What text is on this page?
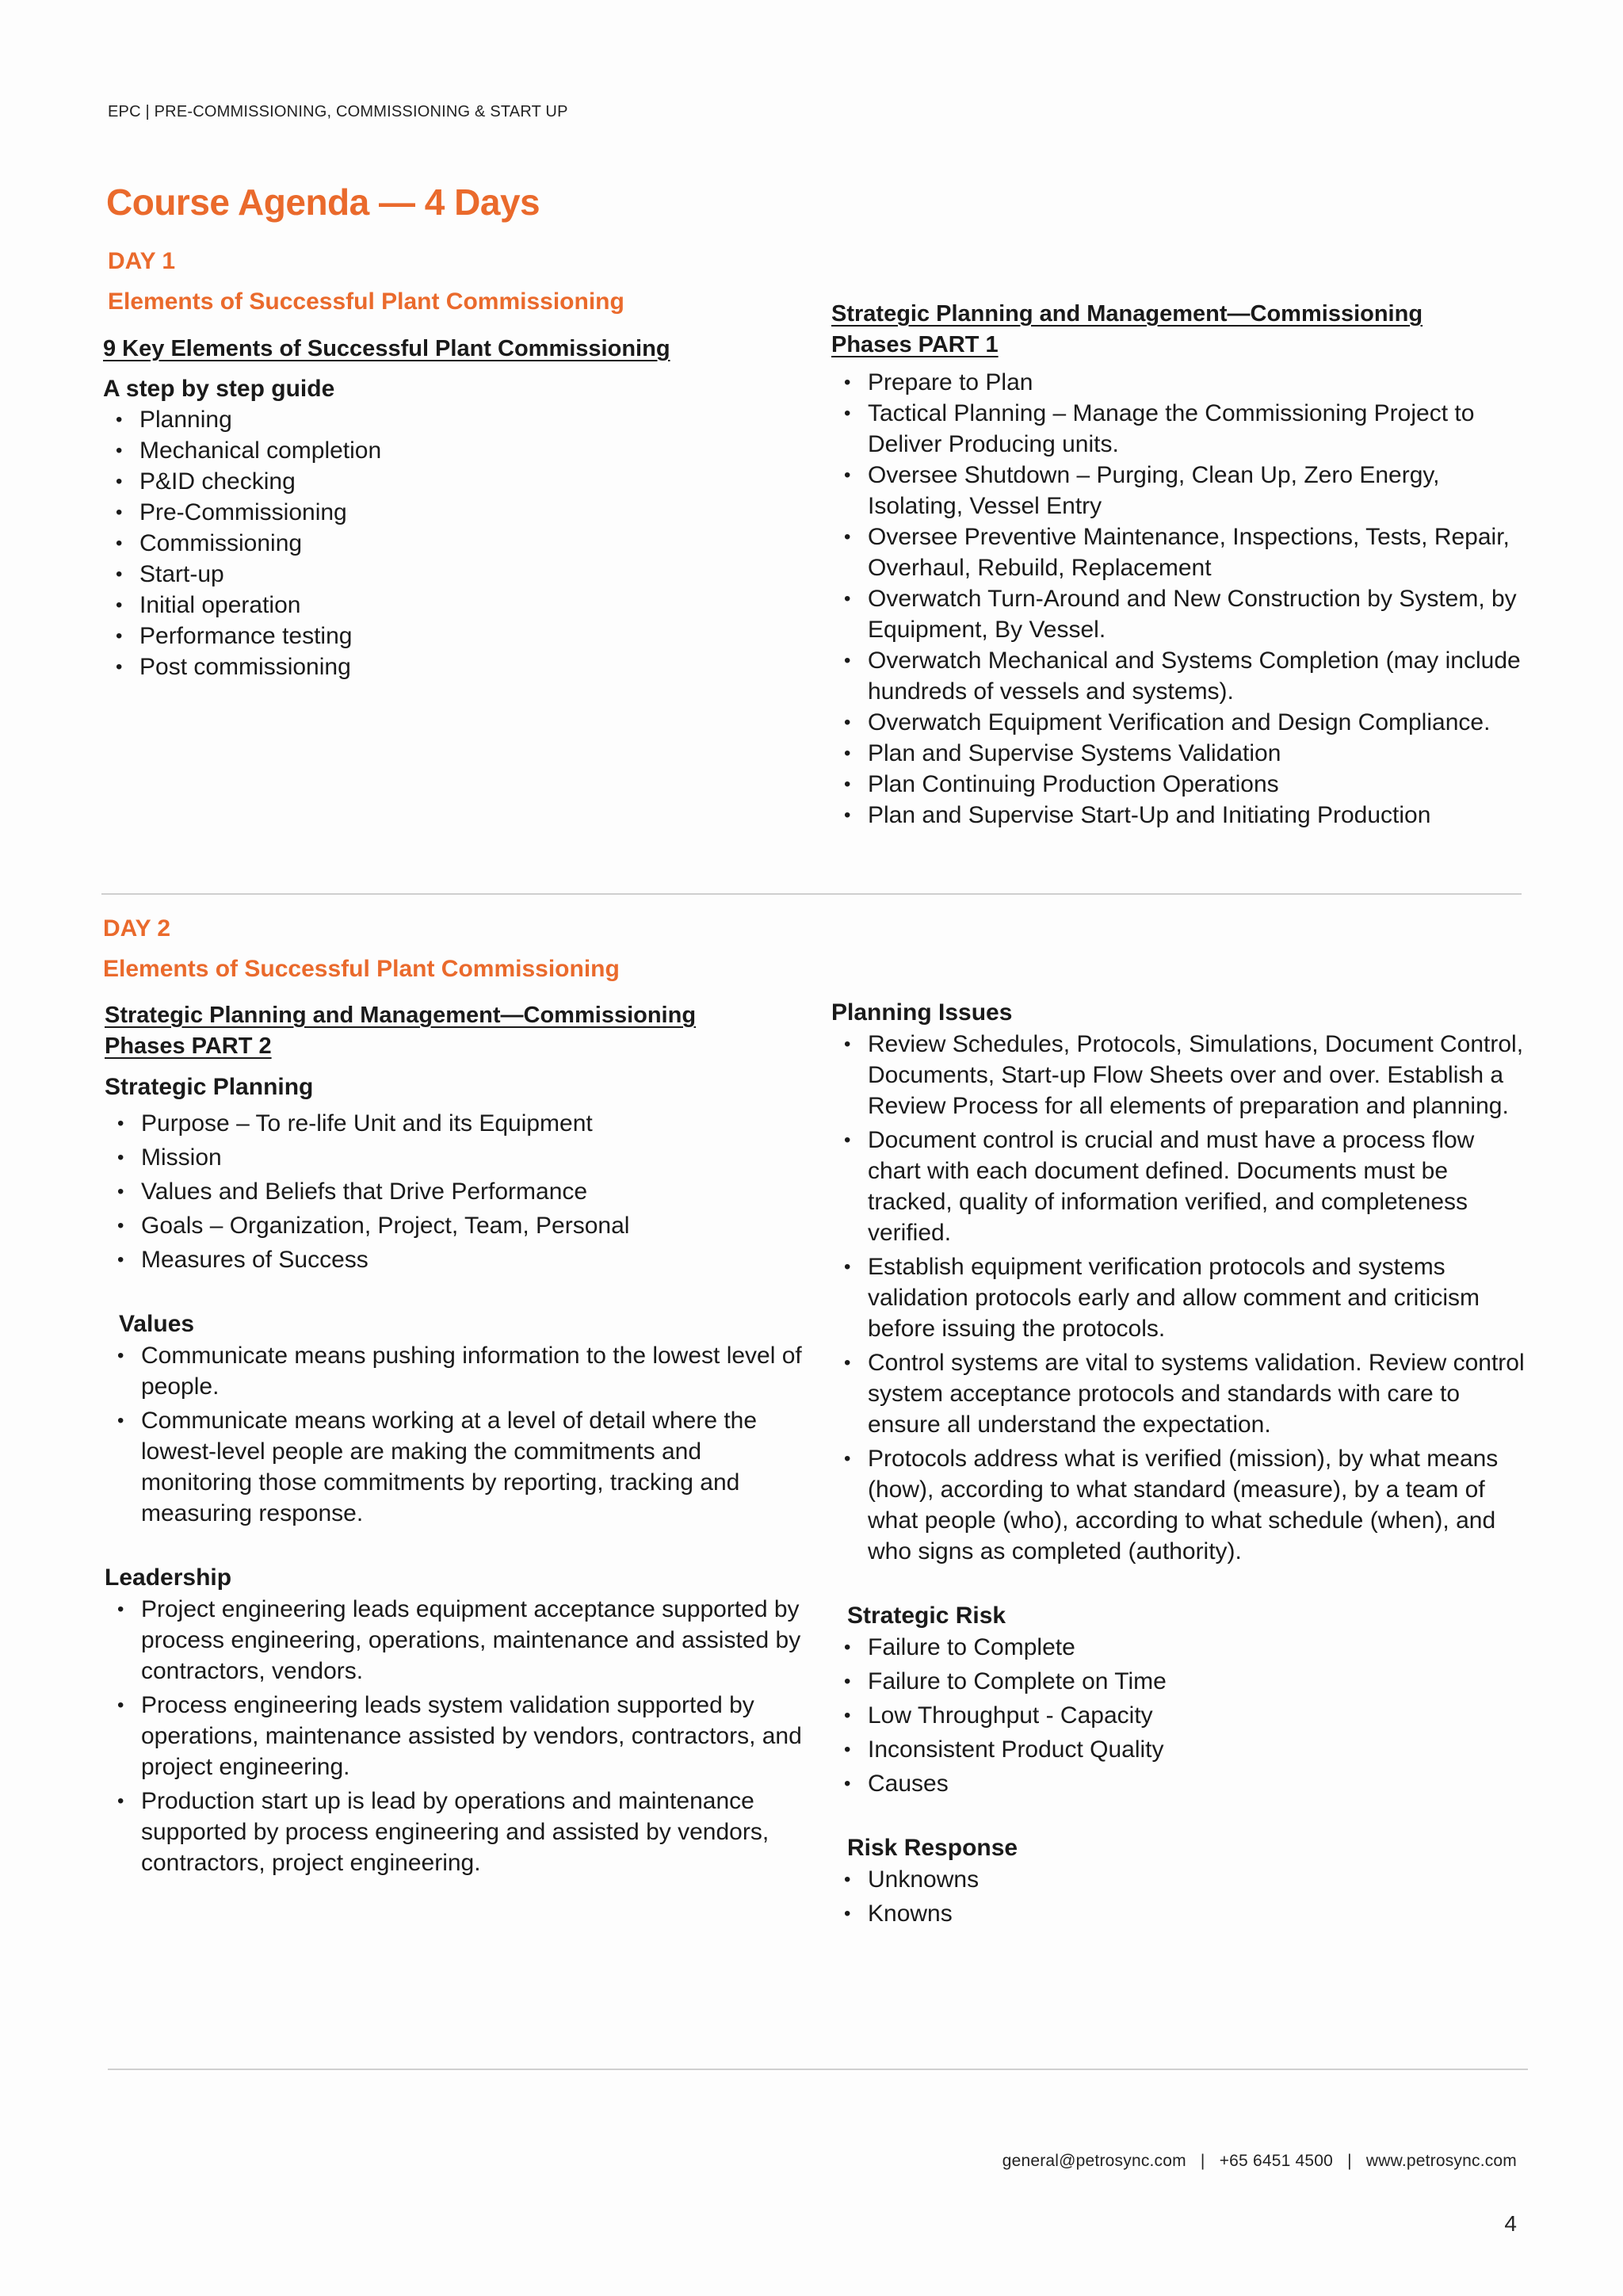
EPC | PRE-COMMISSIONING, COMMISSIONING & START UP
Course Agenda — 4 Days
DAY 1
Elements of Successful Plant Commissioning
9 Key Elements of Successful Plant Commissioning
A step by step guide
• Planning
• Mechanical completion
• P&ID checking
• Pre-Commissioning
• Commissioning
• Start-up
• Initial operation
• Performance testing
• Post commissioning
Strategic Planning and Management—Commissioning
Phases PART 1
• Prepare to Plan
• Tactical Planning – Manage the Commissioning Project to Deliver Producing units.
• Oversee Shutdown – Purging, Clean Up, Zero Energy, Isolating, Vessel Entry
• Oversee Preventive Maintenance, Inspections, Tests, Repair, Overhaul, Rebuild, Replacement
• Overwatch Turn-Around and New Construction by System, by Equipment, By Vessel.
• Overwatch Mechanical and Systems Completion (may include hundreds of vessels and systems).
• Overwatch Equipment Verification and Design Compliance.
• Plan and Supervise Systems Validation
• Plan Continuing Production Operations
• Plan and Supervise Start-Up and Initiating Production
DAY 2
Elements of Successful Plant Commissioning
Strategic Planning and Management—Commissioning
Phases PART 2
Strategic Planning
• Purpose – To re-life Unit and its Equipment
• Mission
• Values and Beliefs that Drive Performance
• Goals – Organization, Project, Team, Personal
• Measures of Success
Values
• Communicate means pushing information to the lowest level of people.
• Communicate means working at a level of detail where the lowest-level people are making the commitments and monitoring those commitments by reporting, tracking and measuring response.
Leadership
• Project engineering leads equipment acceptance supported by process engineering, operations, maintenance and assisted by contractors, vendors.
• Process engineering leads system validation supported by operations, maintenance assisted by vendors, contractors, and project engineering.
• Production start up is lead by operations and maintenance supported by process engineering and assisted by vendors, contractors, project engineering.
Planning Issues
• Review Schedules, Protocols, Simulations, Document Control, Documents, Start-up Flow Sheets over and over. Establish a Review Process for all elements of preparation and planning.
• Document control is crucial and must have a process flow chart with each document defined. Documents must be tracked, quality of information verified, and completeness verified.
• Establish equipment verification protocols and systems validation protocols early and allow comment and criticism before issuing the protocols.
• Control systems are vital to systems validation. Review control system acceptance protocols and standards with care to ensure all understand the expectation.
• Protocols address what is verified (mission), by what means (how), according to what standard (measure), by a team of what people (who), according to what schedule (when), and who signs as completed (authority).
Strategic Risk
• Failure to Complete
• Failure to Complete on Time
• Low Throughput - Capacity
• Inconsistent Product Quality
• Causes
Risk Response
• Unknowns
• Knowns
general@petrosync.com   |   +65 6451 4500   |   www.petrosync.com
4
